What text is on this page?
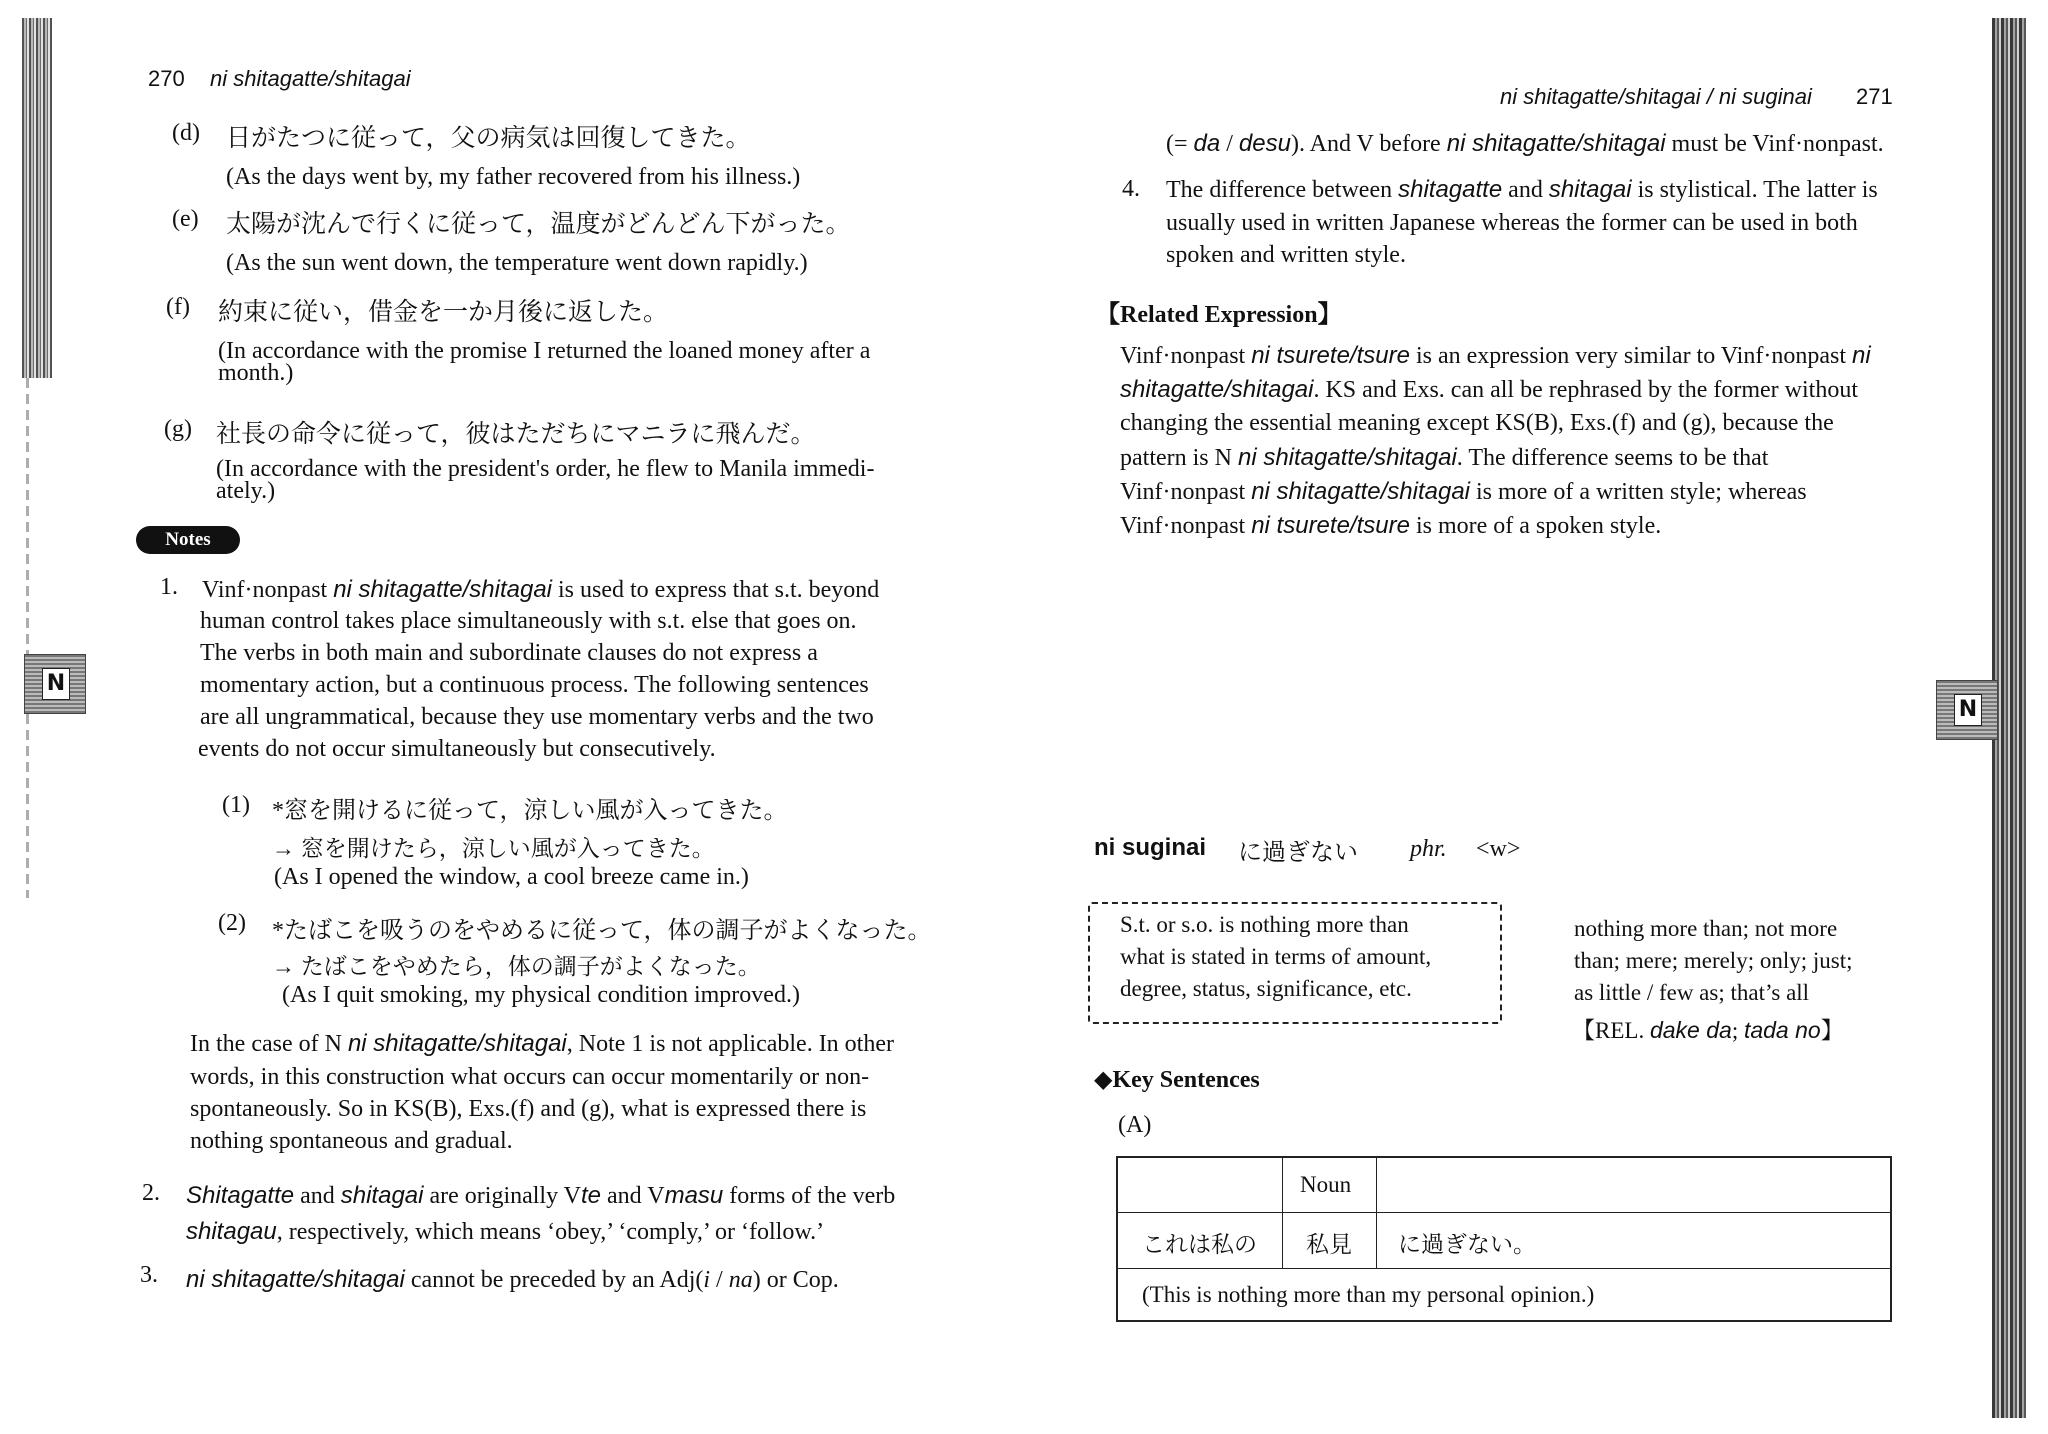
270 ni shitagatte/shitagai
(d) 日がたつに従って，父の病気は回復してきた。
(As the days went by, my father recovered from his illness.)
(e) 太陽が沈んで行くに従って，温度がどんどん下がった。
(As the sun went down, the temperature went down rapidly.)
(f) 約束に従い，借金を一か月後に返した。
(In accordance with the promise I returned the loaned money after a
month.)
(g) 社長の命令に従って，彼はただちにマニラに飛んだ。
(In accordance with the president's order, he flew to Manila immedi-
ately.)
Notes
1. Vinf·nonpast ni shitagatte/shitagai is used to express that s.t. beyond
human control takes place simultaneously with s.t. else that goes on.
The verbs in both main and subordinate clauses do not express a
momentary action, but a continuous process. The following sentences
are all ungrammatical, because they use momentary verbs and the two
events do not occur simultaneously but consecutively.
(1) *窓を開けるに従って，涼しい風が入ってきた。
→ 窓を開けたら，涼しい風が入ってきた。
(As I opened the window, a cool breeze came in.)
(2) *たばこを吸うのをやめるに従って，体の調子がよくなった。
→ たばこをやめたら，体の調子がよくなった。
(As I quit smoking, my physical condition improved.)
In the case of N ni shitagatte/shitagai, Note 1 is not applicable. In other
words, in this construction what occurs can occur momentarily or non-
spontaneously. So in KS(B), Exs.(f) and (g), what is expressed there is
nothing spontaneous and gradual.
2. Shitagatte and shitagai are originally Vte and Vmasu forms of the verb
shitagau, respectively, which means ‘obey,’ ‘comply,’ or ‘follow.’
3. ni shitagatte/shitagai cannot be preceded by an Adj(i / na) or Cop.
N
ni shitagatte/shitagai / ni suginai 271
(= da / desu). And V before ni shitagatte/shitagai must be Vinf·nonpast.
4. The difference between shitagatte and shitagai is stylistical. The latter is
usually used in written Japanese whereas the former can be used in both
spoken and written style.
【Related Expression】
Vinf·nonpast ni tsurete/tsure is an expression very similar to Vinf·nonpast ni
shitagatte/shitagai. KS and Exs. can all be rephrased by the former without
changing the essential meaning except KS(B), Exs.(f) and (g), because the
pattern is N ni shitagatte/shitagai. The difference seems to be that
Vinf·nonpast ni shitagatte/shitagai is more of a written style; whereas
Vinf·nonpast ni tsurete/tsure is more of a spoken style.
ni suginai に過ぎない phr. <w>
S.t. or s.o. is nothing more than
what is stated in terms of amount,
degree, status, significance, etc.
nothing more than; not more
than; mere; merely; only; just;
as little / few as; that’s all
【REL. dake da; tada no】
◆Key Sentences
(A)
Noun
これは私の 私見 に過ぎない。
(This is nothing more than my personal opinion.)
N
